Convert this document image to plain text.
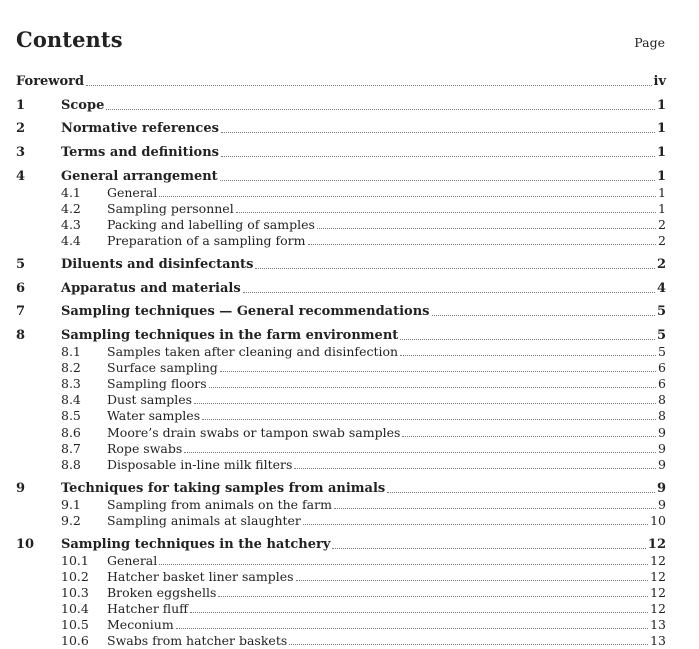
Contents	Page
Foreword	iv
1	Scope	1
2	Normative references	1
3	Terms and definitions	1
4	General arrangement	1
4.1	General	1
4.2	Sampling personnel	1
4.3	Packing and labelling of samples	2
4.4	Preparation of a sampling form	2
5	Diluents and disinfectants	2
6	Apparatus and materials	4
7	Sampling techniques — General recommendations	5
8	Sampling techniques in the farm environment	5
8.1	Samples taken after cleaning and disinfection	5
8.2	Surface sampling	6
8.3	Sampling floors	6
8.4	Dust samples	8
8.5	Water samples	8
8.6	Moore’s drain swabs or tampon swab samples	9
8.7	Rope swabs	9
8.8	Disposable in-line milk filters	9
9	Techniques for taking samples from animals	9
9.1	Sampling from animals on the farm	9
9.2	Sampling animals at slaughter	10
10	Sampling techniques in the hatchery	12
10.1	General	12
10.2	Hatcher basket liner samples	12
10.3	Broken eggshells	12
10.4	Hatcher fluff	12
10.5	Meconium	13
10.6	Swabs from hatcher baskets	13
